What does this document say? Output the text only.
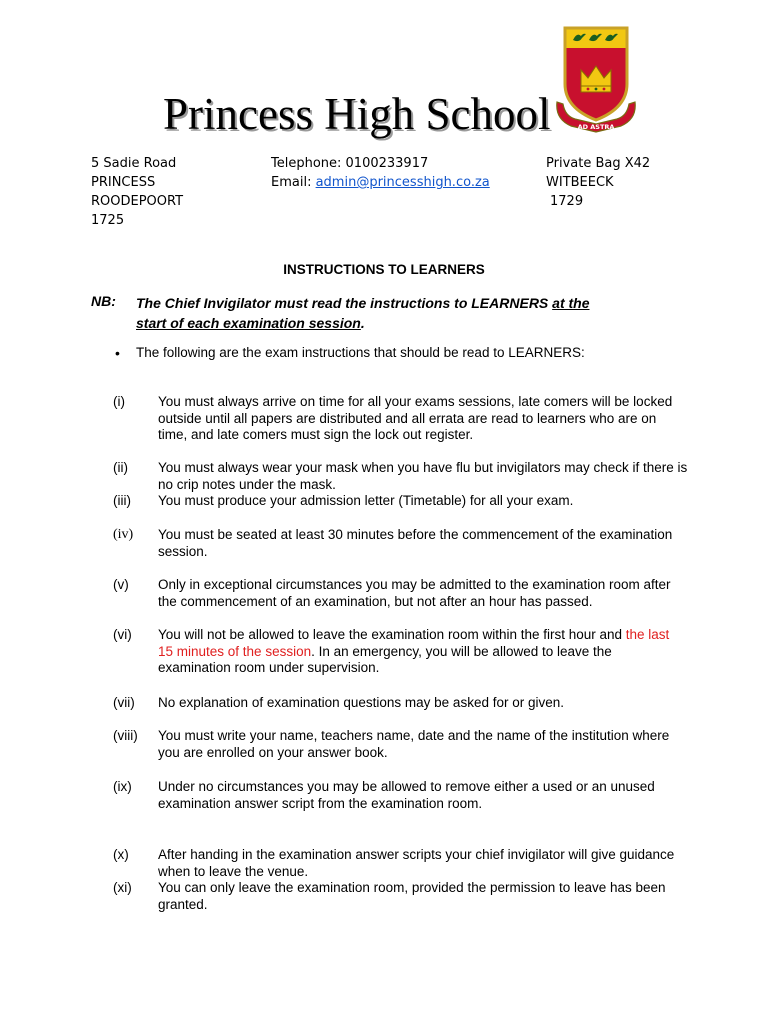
Princess High School	AD ASTRA
5 Sadie Road
PRINCESS
ROODEPOORT
1725
Telephone: 0100233917
Email: admin@princesshigh.co.za
Private Bag X42
WITBEECK
1729
INSTRUCTIONS TO LEARNERS
NB: The Chief Invigilator must read the instructions to LEARNERS at the
start of each examination session.
• The following are the exam instructions that should be read to LEARNERS:
(i) You must always arrive on time for all your exams sessions, late comers will be locked outside until all papers are distributed and all errata are read to learners who are on time, and late comers must sign the lock out register.
(ii) You must always wear your mask when you have flu but invigilators may check if there is no crip notes under the mask.
(iii) You must produce your admission letter (Timetable) for all your exam.
(iv) You must be seated at least 30 minutes before the commencement of the examination session.
(v) Only in exceptional circumstances you may be admitted to the examination room after the commencement of an examination, but not after an hour has passed.
(vi) You will not be allowed to leave the examination room within the first hour and the last 15 minutes of the session. In an emergency, you will be allowed to leave the examination room under supervision.
(vii) No explanation of examination questions may be asked for or given.
(viii) You must write your name, teachers name, date and the name of the institution where you are enrolled on your answer book.
(ix) Under no circumstances you may be allowed to remove either a used or an unused examination answer script from the examination room.
(x) After handing in the examination answer scripts your chief invigilator will give guidance when to leave the venue.
(xi) You can only leave the examination room, provided the permission to leave has been granted.
